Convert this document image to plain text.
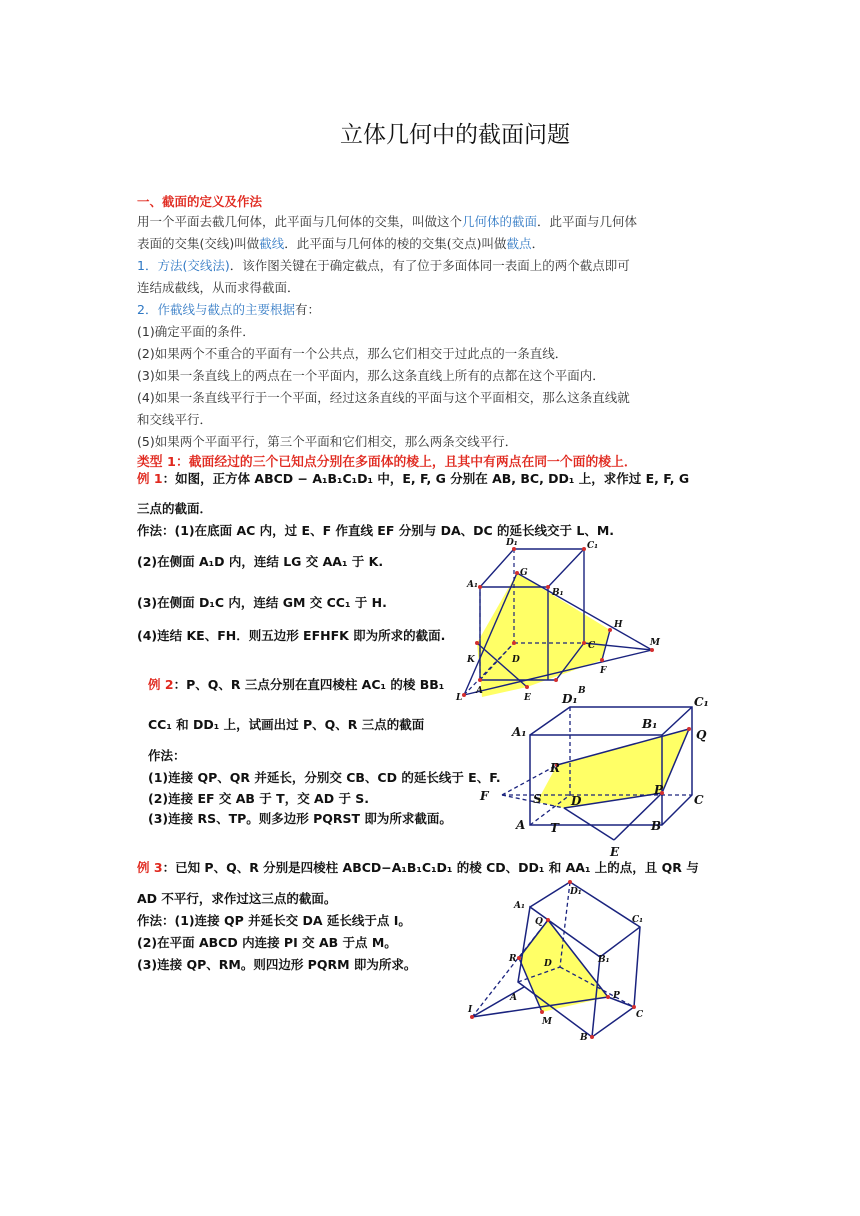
立体几何中的截面问题
一、截面的定义及作法
用一个平面去截几何体，此平面与几何体的交集，叫做这个几何体的截面．此平面与几何体
表面的交集(交线)叫做截线．此平面与几何体的棱的交集(交点)叫做截点．
1．方法(交线法)．该作图关键在于确定截点，有了位于多面体同一表面上的两个截点即可
连结成截线，从而求得截面．
2．作截线与截点的主要根据有：
(1)确定平面的条件．
(2)如果两个不重合的平面有一个公共点，那么它们相交于过此点的一条直线．
(3)如果一条直线上的两点在一个平面内，那么这条直线上所有的点都在这个平面内．
(4)如果一条直线平行于一个平面，经过这条直线的平面与这个平面相交，那么这条直线就
和交线平行．
(5)如果两个平面平行，第三个平面和它们相交，那么两条交线平行．
类型 1：截面经过的三个已知点分别在多面体的棱上，且其中有两点在同一个面的棱上．
例 1：如图，正方体 ABCD − A₁B₁C₁D₁ 中，E, F, G 分别在 AB, BC, DD₁ 上，求作过 E, F, G
三点的截面．
作法：(1)在底面 AC 内，过 E、F 作直线 EF 分别与 DA、DC 的延长线交于 L、M.
(2)在侧面 A₁D 内，连结 LG 交 AA₁ 于 K.
(3)在侧面 D₁C 内，连结 GM 交 CC₁ 于 H.
(4)连结 KE、FH．则五边形 EFHFK 即为所求的截面.
D₁	C₁
A₁
G
B₁
H
M
C
K	D
F
L
A
E
B
例 2：P、Q、R 三点分别在直四棱柱 AC₁ 的棱 BB₁
CC₁ 和 DD₁ 上，试画出过 P、Q、R 三点的截面
作法：
(1)连接 QP、QR 并延长，分别交 CB、CD 的延长线于 E、F.
(2)连接 EF 交 AB 于 T，交 AD 于 S.
(3)连接 RS、TP。则多边形 PQRST 即为所求截面。
D₁	C₁
A₁
B₁
Q
R
F	S D
P
C
A T	B
E
例 3：已知 P、Q、R 分别是四棱柱 ABCD−A₁B₁C₁D₁ 的棱 CD、DD₁ 和 AA₁ 上的点，且 QR 与
AD 不平行，求作过这三点的截面。
作法：(1)连接 QP 并延长交 DA 延长线于点 I。
(2)在平面 ABCD 内连接 PI 交 AB 于点 M。
(3)连接 QP、RM。则四边形 PQRM 即为所求。
D₁
A₁
C₁
Q
R	D	B₁
I
A	P
M
C
B
